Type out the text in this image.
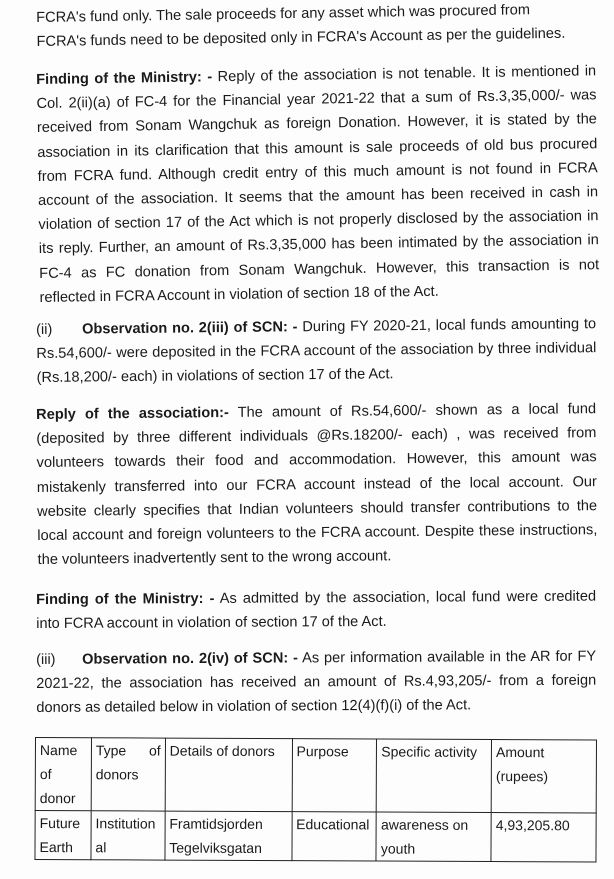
FCRA's fund only. The sale proceeds for any asset which was procured from
FCRA's funds need to be deposited only in FCRA's Account as per the guidelines.

Finding of the Ministry: - Reply of the association is not tenable. It is mentioned in Col. 2(ii)(a) of FC-4 for the Financial year 2021-22 that a sum of Rs.3,35,000/- was received from Sonam Wangchuk as foreign Donation. However, it is stated by the association in its clarification that this amount is sale proceeds of old bus procured from FCRA fund. Although credit entry of this much amount is not found in FCRA account of the association. It seems that the amount has been received in cash in violation of section 17 of the Act which is not properly disclosed by the association in its reply. Further, an amount of Rs.3,35,000 has been intimated by the association in FC-4 as FC donation from Sonam Wangchuk. However, this transaction is not reflected in FCRA Account in violation of section 18 of the Act.

(ii) Observation no. 2(iii) of SCN: - During FY 2020-21, local funds amounting to Rs.54,600/- were deposited in the FCRA account of the association by three individual (Rs.18,200/- each) in violations of section 17 of the Act.

Reply of the association:- The amount of Rs.54,600/- shown as a local fund (deposited by three different individuals @Rs.18200/- each) , was received from volunteers towards their food and accommodation. However, this amount was mistakenly transferred into our FCRA account instead of the local account. Our website clearly specifies that Indian volunteers should transfer contributions to the local account and foreign volunteers to the FCRA account. Despite these instructions, the volunteers inadvertently sent to the wrong account.

Finding of the Ministry: - As admitted by the association, local fund were credited into FCRA account in violation of section 17 of the Act.

(iii) Observation no. 2(iv) of SCN: - As per information available in the AR for FY 2021-22, the association has received an amount of Rs.4,93,205/- from a foreign donors as detailed below in violation of section 12(4)(f)(i) of the Act.

Name of donor	Type of donors	Details of donors	Purpose	Specific activity	Amount (rupees)
Future Earth	Institutional	Framtidsjorden Tegelviksgatan	Educational	awareness on youth	4,93,205.80
